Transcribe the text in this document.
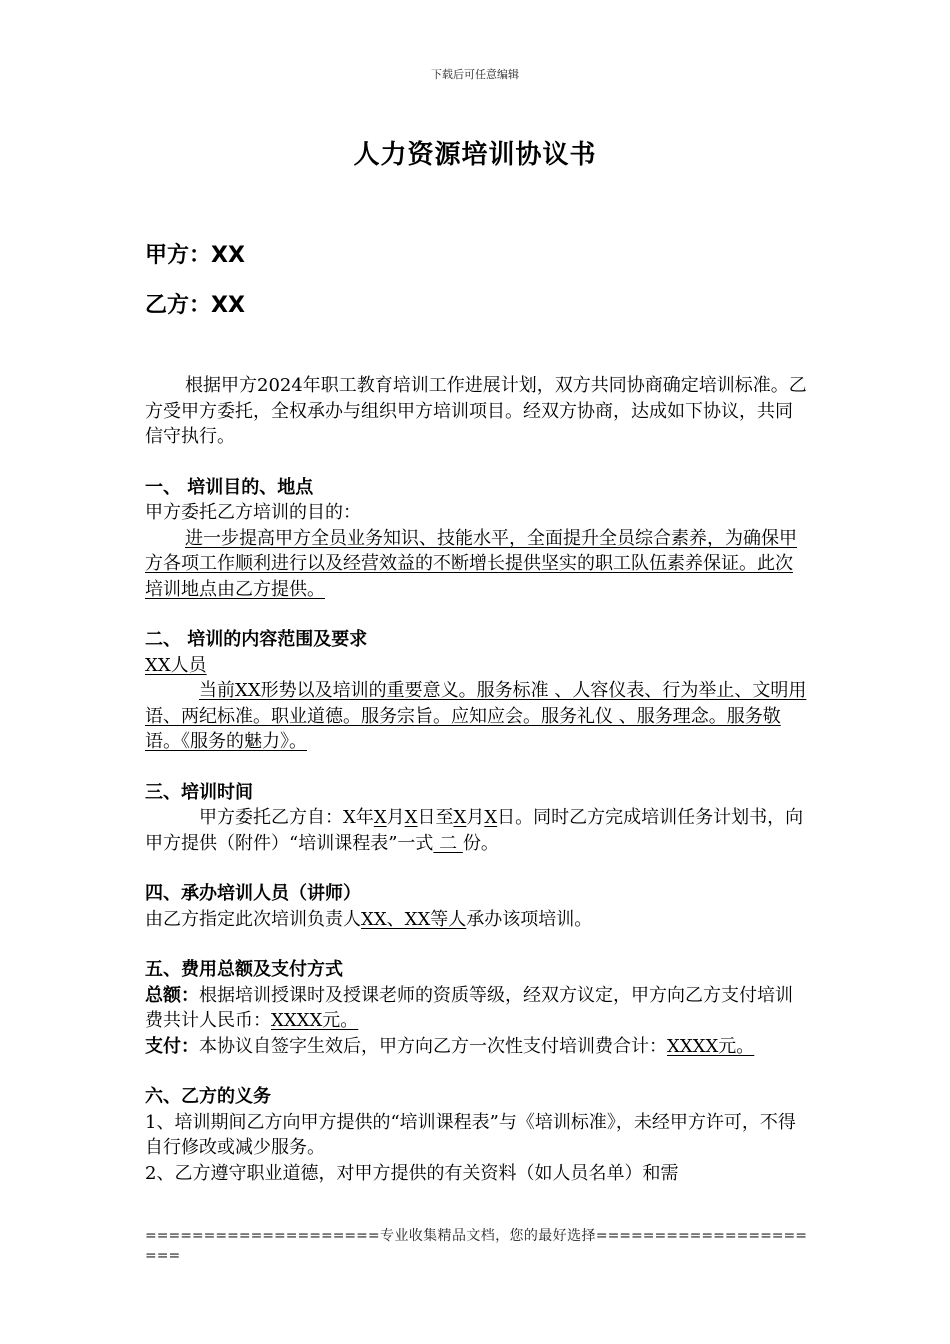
下载后可任意编辑
人力资源培训协议书
甲方：XX
乙方：XX

根据甲方2024年职工教育培训工作进展计划，双方共同协商确定培训标准。乙方受甲方委托，全权承办与组织甲方培训项目。经双方协商，达成如下协议，共同信守执行。

一、 培训目的、地点

甲方委托乙方培训的目的：

进一步提高甲方全员业务知识、技能水平，全面提升全员综合素养，为确保甲方各项工作顺利进行以及经营效益的不断增长提供坚实的职工队伍素养保证。此次培训地点由乙方提供。

二、 培训的内容范围及要求

XX人员

当前XX形势以及培训的重要意义。服务标准 、人容仪表、行为举止、文明用语、两纪标准。职业道德。服务宗旨。应知应会。服务礼仪 、服务理念。服务敬语。《服务的魅力》。

三、培训时间

甲方委托乙方自：X年X月X日至X月X日。同时乙方完成培训任务计划书，向甲方提供（附件）“培训课程表”一式 二 份。

四、承办培训人员（讲师）

由乙方指定此次培训负责人XX、XX等人承办该项培训。

五、费用总额及支付方式

总额：根据培训授课时及授课老师的资质等级，经双方议定，甲方向乙方支付培训费共计人民币：XXXX元。

支付：本协议自签字生效后，甲方向乙方一次性支付培训费合计：XXXX元。

六、乙方的义务

1、培训期间乙方向甲方提供的“培训课程表”与《培训标准》，未经甲方许可，不得自行修改或减少服务。

2、乙方遵守职业道德，对甲方提供的有关资料（如人员名单）和需

====================专业收集精品文档，您的最好选择=====================
